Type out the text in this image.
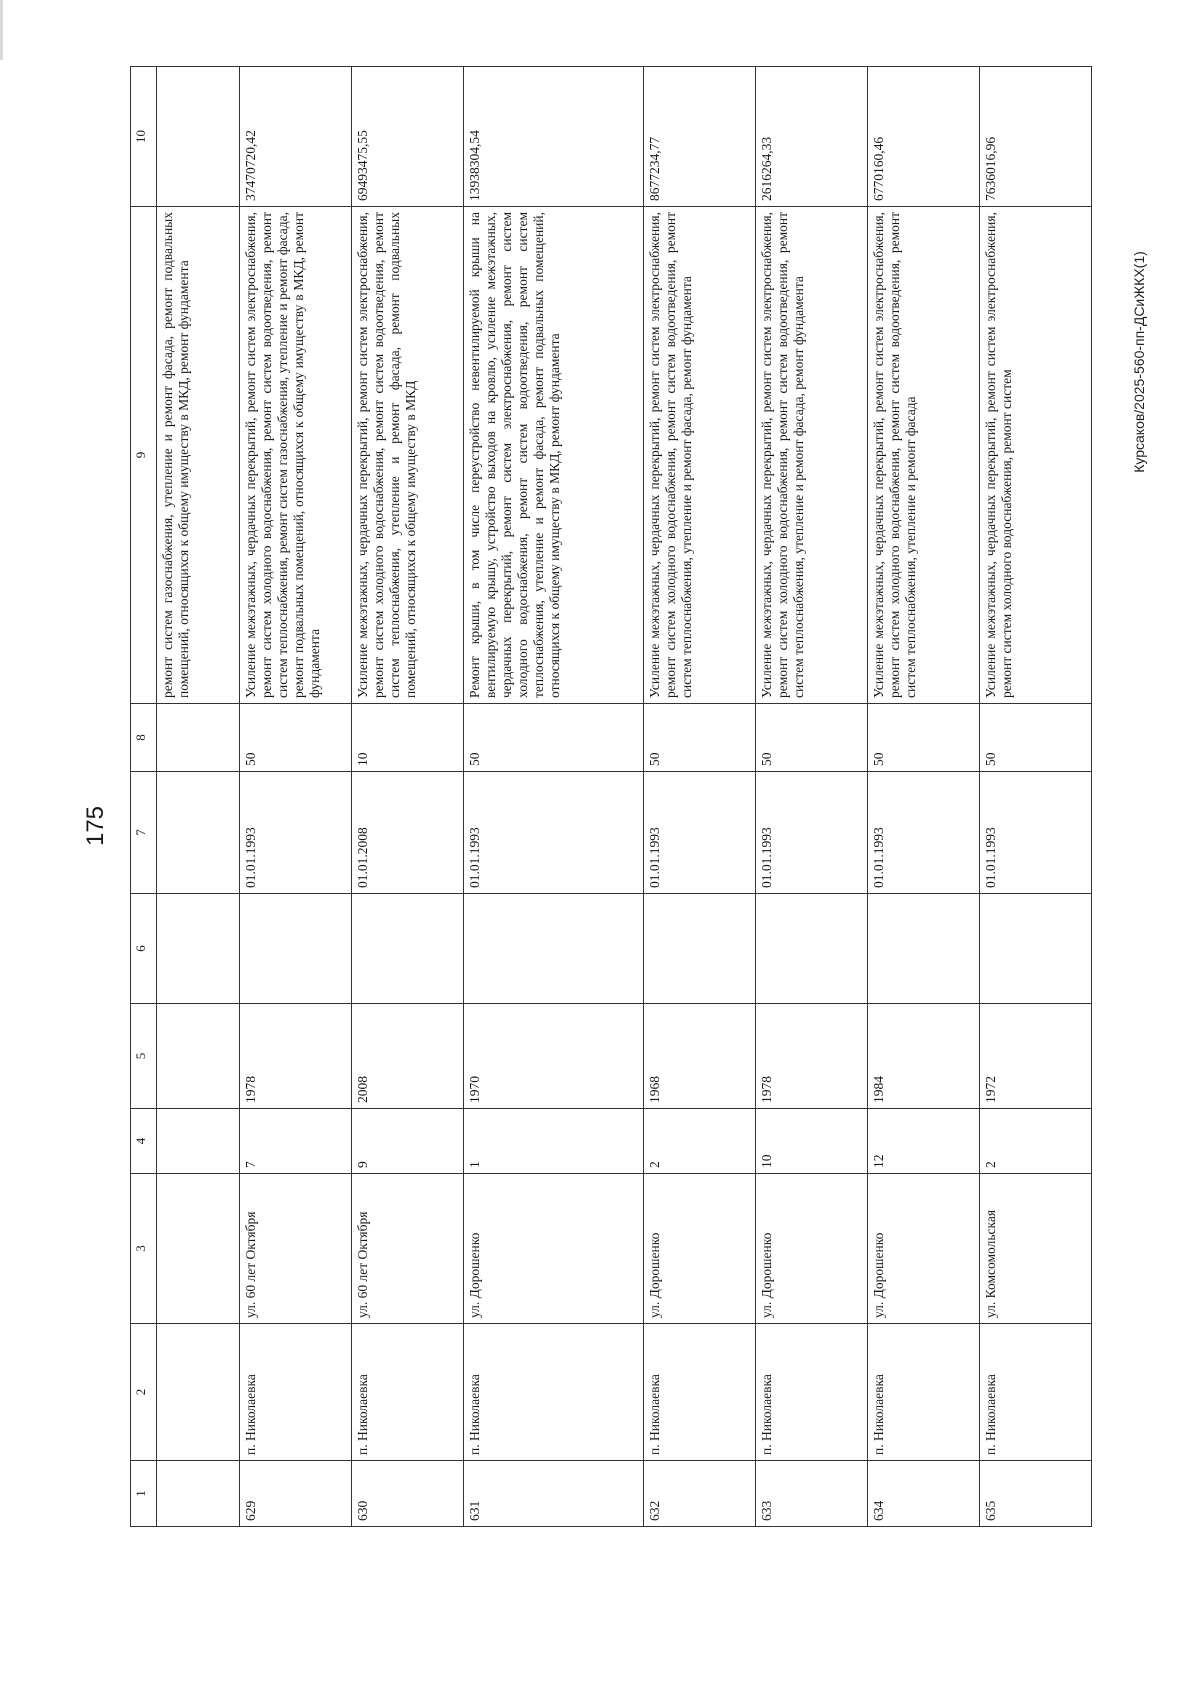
175
Курсаков/2025-560-пп-ДСиЖКХ(1)
1	2	3	4	5	6	7	8	9	10
								ремонт систем газоснабжения, утепление и ремонт фасада, ремонт подвальных помещений, относящихся к общему имуществу в МКД, ремонт фундамента	
629	п. Николаевка	ул. 60 лет Октября	7	1978		01.01.1993	50	Усиление межэтажных, чердачных перекрытий, ремонт систем электроснабжения, ремонт систем холодного водоснабжения, ремонт систем водоотведения, ремонт систем теплоснабжения, ремонт систем газоснабжения, утепление и ремонт фасада, ремонт подвальных помещений, относящихся к общему имуществу в МКД, ремонт фундамента	37470720,42
630	п. Николаевка	ул. 60 лет Октября	9	2008		01.01.2008	10	Усиление межэтажных, чердачных перекрытий, ремонт систем электроснабжения, ремонт систем холодного водоснабжения, ремонт систем водоотведения, ремонт систем теплоснабжения, утепление и ремонт фасада, ремонт подвальных помещений, относящихся к общему имуществу в МКД	69493475,55
631	п. Николаевка	ул. Дорошенко	1	1970		01.01.1993	50	Ремонт крыши, в том числе переустройство невентилируемой крыши на вентилируемую крышу, устройство выходов на кровлю, усиление межэтажных, чердачных перекрытий, ремонт систем электроснабжения, ремонт систем холодного водоснабжения, ремонт систем водоотведения, ремонт систем теплоснабжения, утепление и ремонт фасада, ремонт подвальных помещений, относящихся к общему имуществу в МКД, ремонт фундамента	13938304,54
632	п. Николаевка	ул. Дорошенко	2	1968		01.01.1993	50	Усиление межэтажных, чердачных перекрытий, ремонт систем электроснабжения, ремонт систем холодного водоснабжения, ремонт систем водоотведения, ремонт систем теплоснабжения, утепление и ремонт фасада, ремонт фундамента	8677234,77
633	п. Николаевка	ул. Дорошенко	10	1978		01.01.1993	50	Усиление межэтажных, чердачных перекрытий, ремонт систем электроснабжения, ремонт систем холодного водоснабжения, ремонт систем водоотведения, ремонт систем теплоснабжения, утепление и ремонт фасада, ремонт фундамента	2616264,33
634	п. Николаевка	ул. Дорошенко	12	1984		01.01.1993	50	Усиление межэтажных, чердачных перекрытий, ремонт систем электроснабжения, ремонт систем холодного водоснабжения, ремонт систем водоотведения, ремонт систем теплоснабжения, утепление и ремонт фасада	6770160,46
635	п. Николаевка	ул. Комсомольская	2	1972		01.01.1993	50	Усиление межэтажных, чердачных перекрытий, ремонт систем электроснабжения, ремонт систем холодного водоснабжения, ремонт систем	7636016,96
